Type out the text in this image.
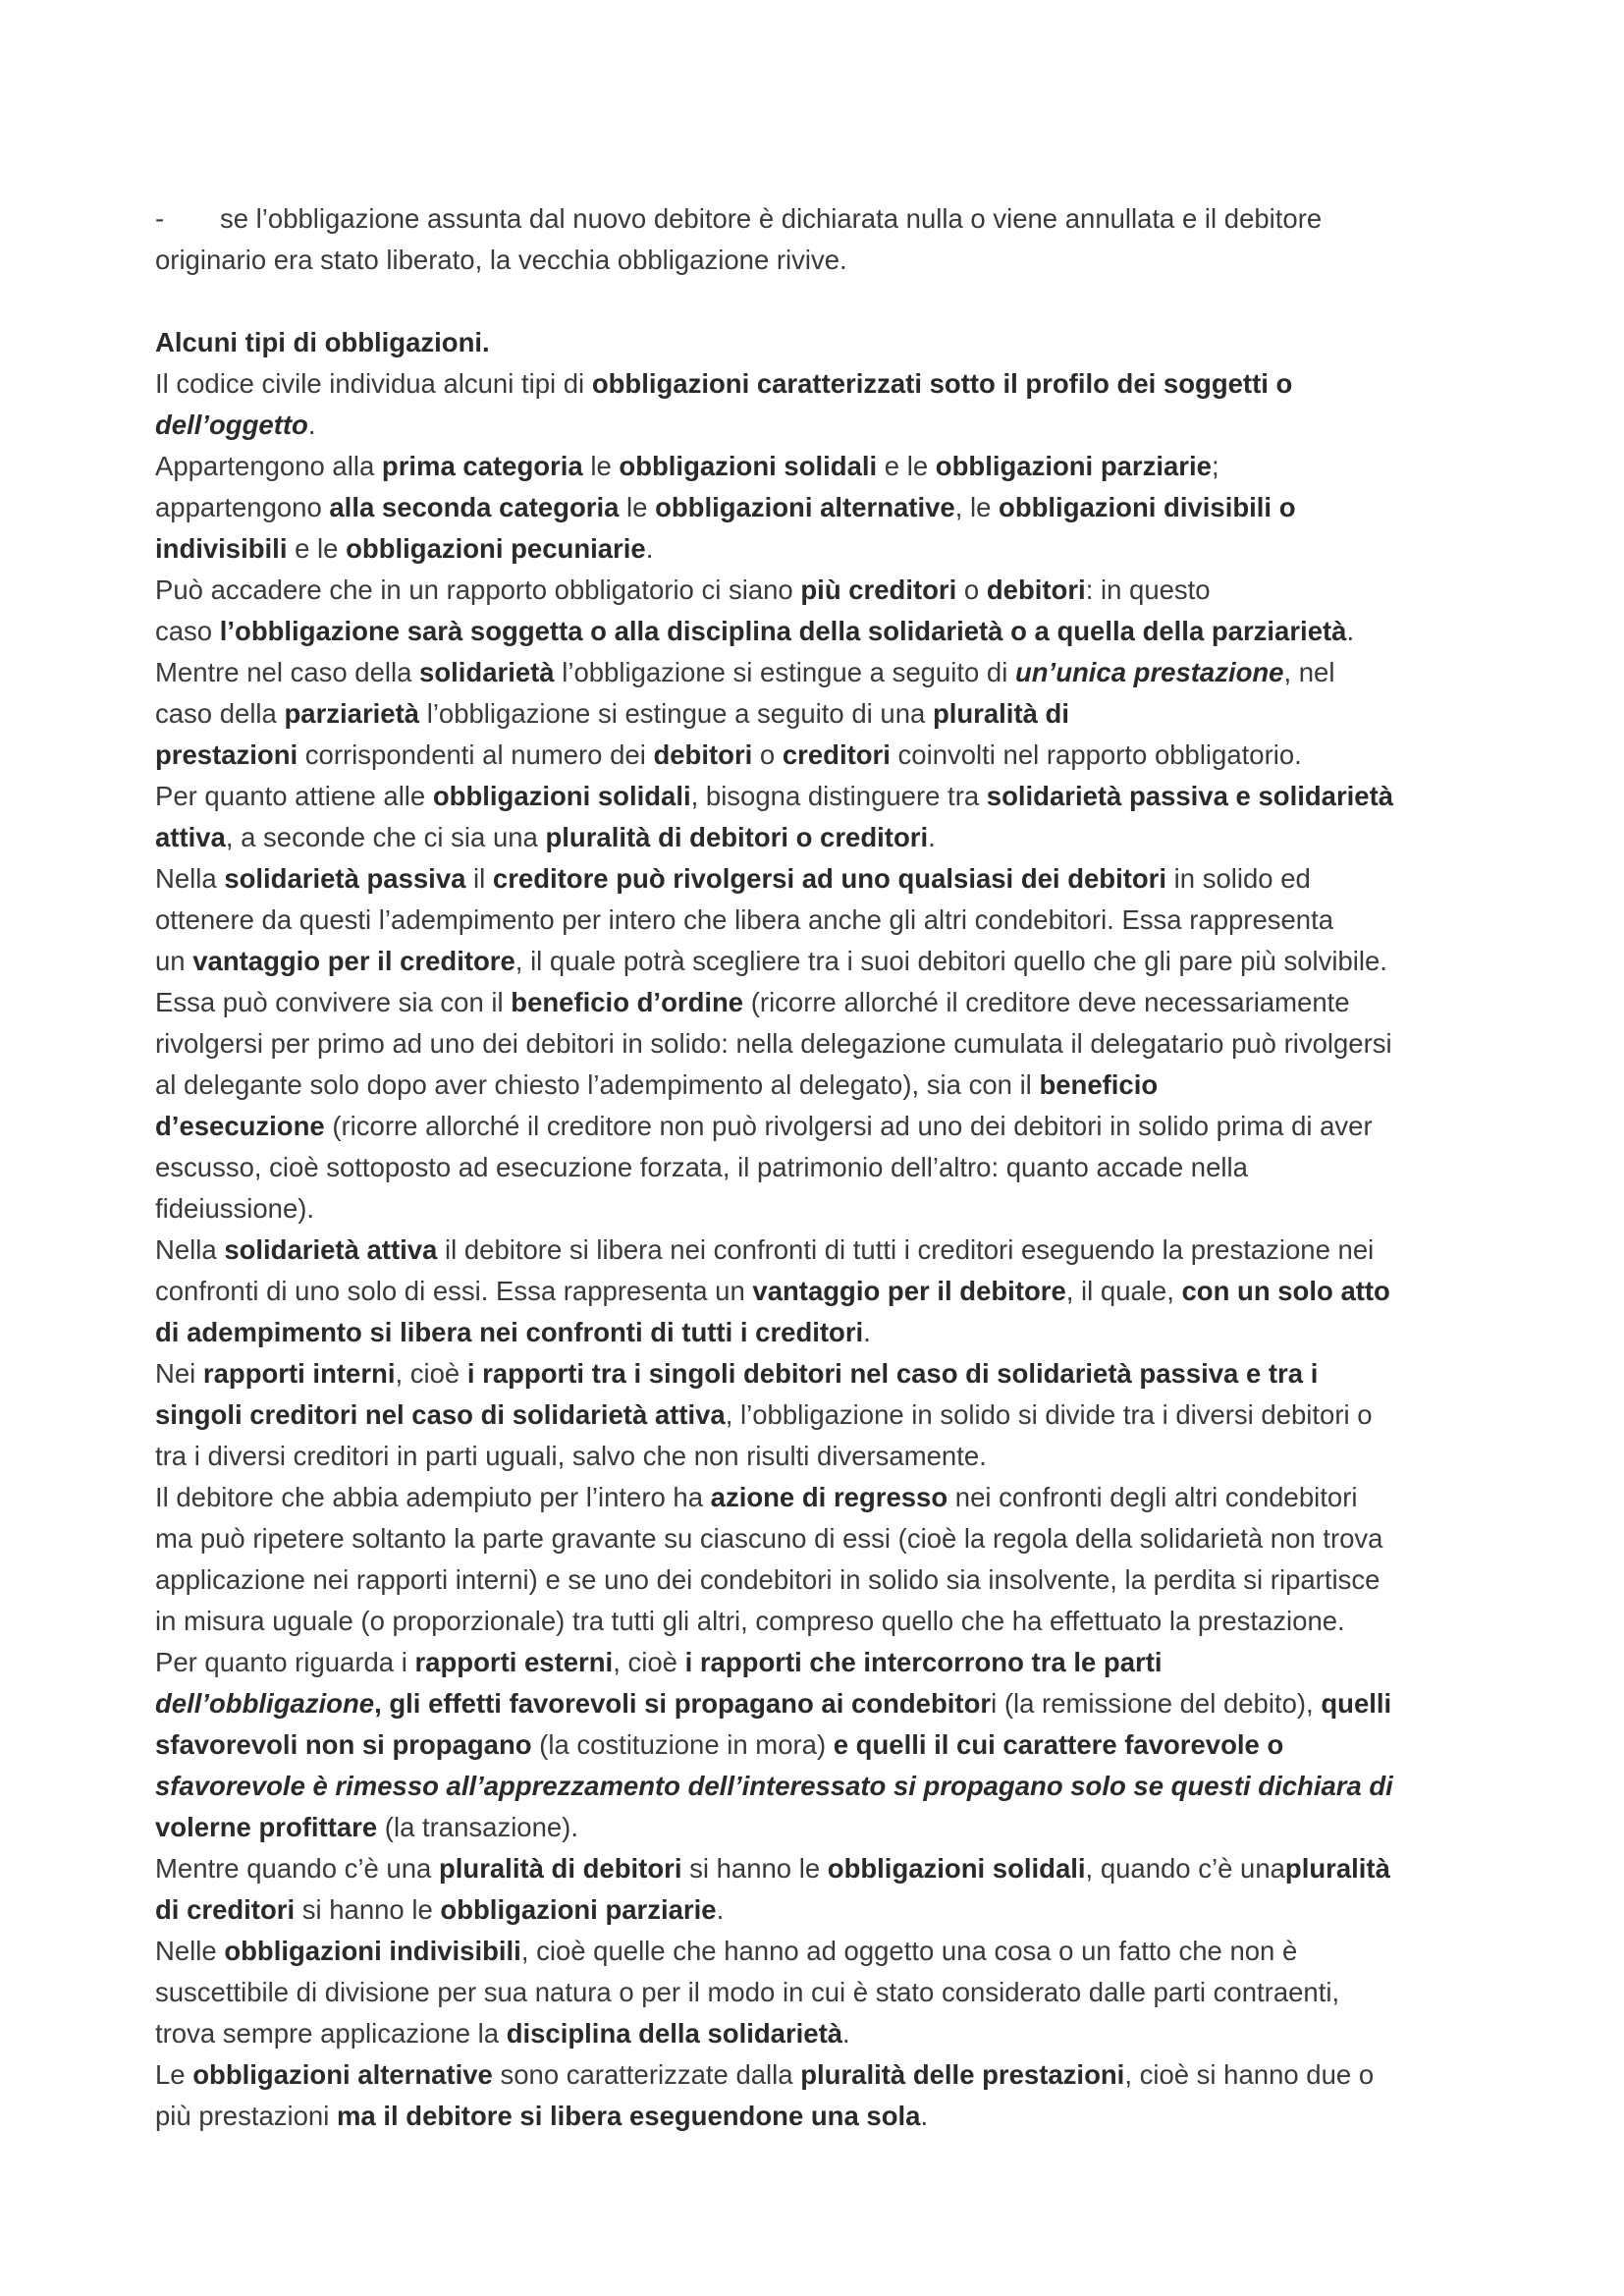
- se l’obbligazione assunta dal nuovo debitore è dichiarata nulla o viene annullata e il debitore
originario era stato liberato, la vecchia obbligazione rivive.
Alcuni tipi di obbligazioni.
Il codice civile individua alcuni tipi di obbligazioni caratterizzati sotto il profilo dei soggetti o
dell’oggetto.
Appartengono alla prima categoria le obbligazioni solidali e le obbligazioni parziarie;
appartengono alla seconda categoria le obbligazioni alternative, le obbligazioni divisibili o
indivisibili e le obbligazioni pecuniarie.
Può accadere che in un rapporto obbligatorio ci siano più creditori o debitori: in questo
caso l’obbligazione sarà soggetta o alla disciplina della solidarietà o a quella della parziarietà.
Mentre nel caso della solidarietà l’obbligazione si estingue a seguito di un’unica prestazione, nel
caso della parziarietà l’obbligazione si estingue a seguito di una pluralità di
prestazioni corrispondenti al numero dei debitori o creditori coinvolti nel rapporto obbligatorio.
Per quanto attiene alle obbligazioni solidali, bisogna distinguere tra solidarietà passiva e solidarietà
attiva, a seconde che ci sia una pluralità di debitori o creditori.
Nella solidarietà passiva il creditore può rivolgersi ad uno qualsiasi dei debitori in solido ed
ottenere da questi l’adempimento per intero che libera anche gli altri condebitori. Essa rappresenta
un vantaggio per il creditore, il quale potrà scegliere tra i suoi debitori quello che gli pare più solvibile.
Essa può convivere sia con il beneficio d’ordine (ricorre allorché il creditore deve necessariamente
rivolgersi per primo ad uno dei debitori in solido: nella delegazione cumulata il delegatario può rivolgersi
al delegante solo dopo aver chiesto l’adempimento al delegato), sia con il beneficio
d’esecuzione (ricorre allorché il creditore non può rivolgersi ad uno dei debitori in solido prima di aver
escusso, cioè sottoposto ad esecuzione forzata, il patrimonio dell’altro: quanto accade nella
fideiussione).
Nella solidarietà attiva il debitore si libera nei confronti di tutti i creditori eseguendo la prestazione nei
confronti di uno solo di essi. Essa rappresenta un vantaggio per il debitore, il quale, con un solo atto
di adempimento si libera nei confronti di tutti i creditori.
Nei rapporti interni, cioè i rapporti tra i singoli debitori nel caso di solidarietà passiva e tra i
singoli creditori nel caso di solidarietà attiva, l’obbligazione in solido si divide tra i diversi debitori o
tra i diversi creditori in parti uguali, salvo che non risulti diversamente.
Il debitore che abbia adempiuto per l’intero ha azione di regresso nei confronti degli altri condebitori
ma può ripetere soltanto la parte gravante su ciascuno di essi (cioè la regola della solidarietà non trova
applicazione nei rapporti interni) e se uno dei condebitori in solido sia insolvente, la perdita si ripartisce
in misura uguale (o proporzionale) tra tutti gli altri, compreso quello che ha effettuato la prestazione.
Per quanto riguarda i rapporti esterni, cioè i rapporti che intercorrono tra le parti
dell’obbligazione, gli effetti favorevoli si propagano ai condebitori (la remissione del debito), quelli
sfavorevoli non si propagano (la costituzione in mora) e quelli il cui carattere favorevole o
sfavorevole è rimesso all’apprezzamento dell’interessato si propagano solo se questi dichiara di
volerne profittare (la transazione).
Mentre quando c’è una pluralità di debitori si hanno le obbligazioni solidali, quando c’è unapluralità
di creditori si hanno le obbligazioni parziarie.
Nelle obbligazioni indivisibili, cioè quelle che hanno ad oggetto una cosa o un fatto che non è
suscettibile di divisione per sua natura o per il modo in cui è stato considerato dalle parti contraenti,
trova sempre applicazione la disciplina della solidarietà.
Le obbligazioni alternative sono caratterizzate dalla pluralità delle prestazioni, cioè si hanno due o
più prestazioni ma il debitore si libera eseguendone una sola.
